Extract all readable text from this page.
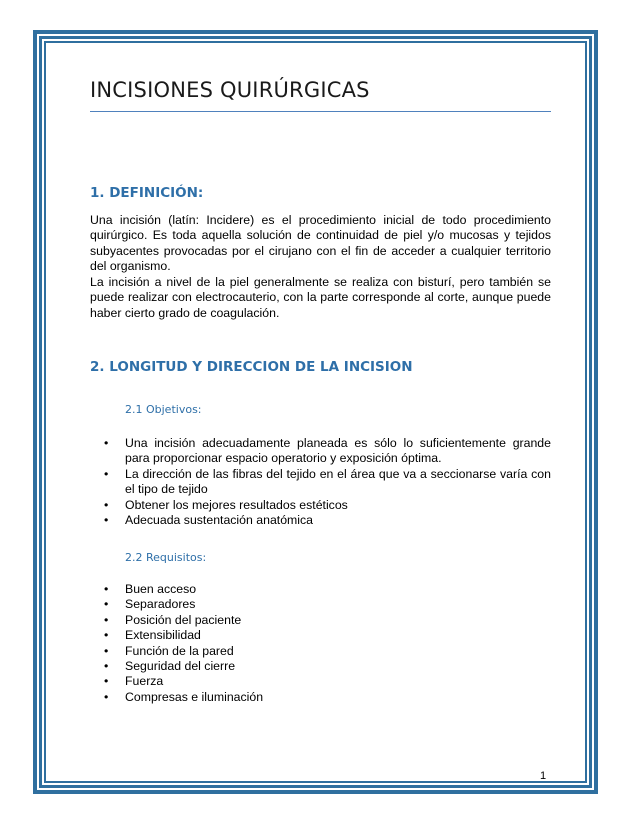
INCISIONES QUIRÚRGICAS
1. DEFINICIÓN:

Una incisión (latín: Incidere) es el procedimiento inicial de todo procedimiento quirúrgico. Es toda aquella solución de continuidad de piel y/o mucosas y tejidos subyacentes provocadas por el cirujano con el fin de acceder a cualquier territorio del organismo.

La incisión a nivel de la piel generalmente se realiza con bisturí, pero también se puede realizar con electrocauterio, con la parte corresponde al corte, aunque puede haber cierto grado de coagulación.

2. LONGITUD Y DIRECCION DE LA INCISION
2.1 Objetivos:
• Una incisión adecuadamente planeada es sólo lo suficientemente grande para proporcionar espacio operatorio y exposición óptima.
• La dirección de las fibras del tejido en el área que va a seccionarse varía con el tipo de tejido
• Obtener los mejores resultados estéticos
• Adecuada sustentación anatómica
2.2 Requisitos:
• Buen acceso
• Separadores
• Posición del paciente
• Extensibilidad
• Función de la pared
• Seguridad del cierre
• Fuerza
• Compresas e iluminación
1
